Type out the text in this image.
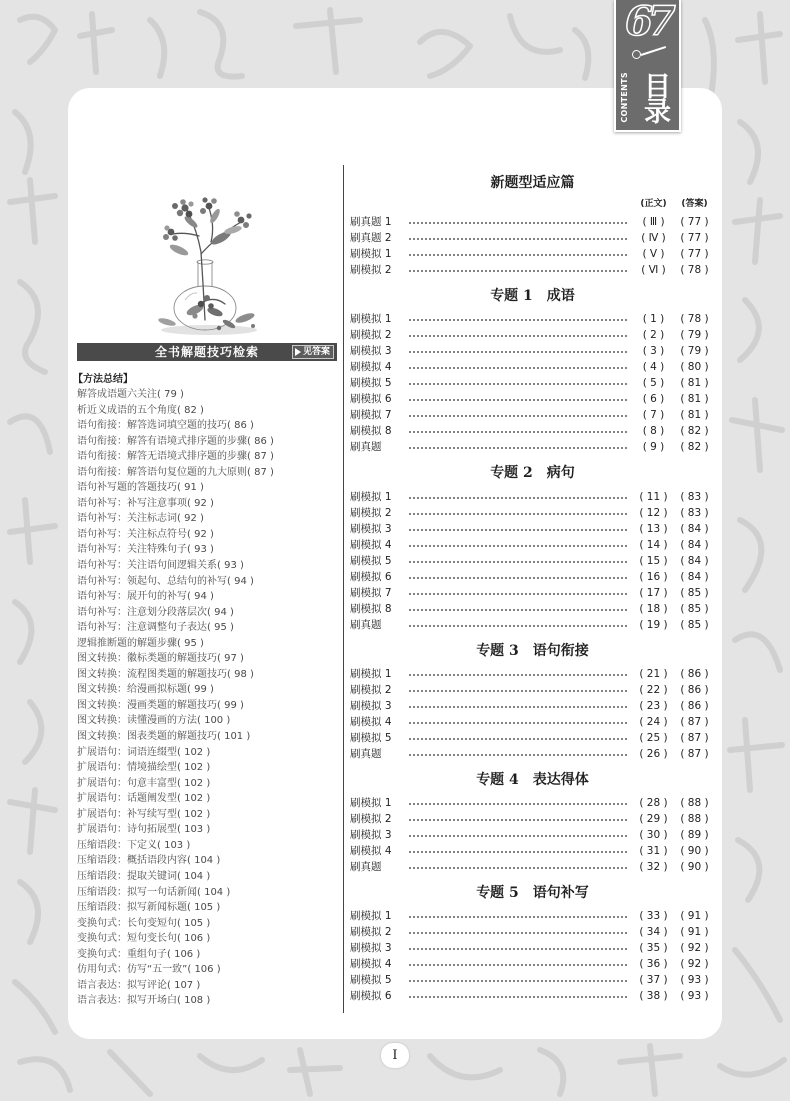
67
CONTENTS 目录
全书解题技巧检索	见答案
【方法总结】
解答成语题六关注( 79 )
析近义成语的五个角度( 82 )
语句衔接：解答选词填空题的技巧( 86 )
语句衔接：解答有语境式排序题的步骤( 86 )
语句衔接：解答无语境式排序题的步骤( 87 )
语句衔接：解答语句复位题的九大原则( 87 )
语句补写题的答题技巧( 91 )
语句补写：补写注意事项( 92 )
语句补写：关注标志词( 92 )
语句补写：关注标点符号( 92 )
语句补写：关注特殊句子( 93 )
语句补写：关注语句间逻辑关系( 93 )
语句补写：领起句、总结句的补写( 94 )
语句补写：展开句的补写( 94 )
语句补写：注意划分段落层次( 94 )
语句补写：注意调整句子表达( 95 )
逻辑推断题的解题步骤( 95 )
图文转换：徽标类题的解题技巧( 97 )
图文转换：流程图类题的解题技巧( 98 )
图文转换：给漫画拟标题( 99 )
图文转换：漫画类题的解题技巧( 99 )
图文转换：读懂漫画的方法( 100 )
图文转换：图表类题的解题技巧( 101 )
扩展语句：词语连缀型( 102 )
扩展语句：情境描绘型( 102 )
扩展语句：句意丰富型( 102 )
扩展语句：话题阐发型( 102 )
扩展语句：补写续写型( 102 )
扩展语句：诗句拓展型( 103 )
压缩语段：下定义( 103 )
压缩语段：概括语段内容( 104 )
压缩语段：提取关键词( 104 )
压缩语段：拟写一句话新闻( 104 )
压缩语段：拟写新闻标题( 105 )
变换句式：长句变短句( 105 )
变换句式：短句变长句( 106 )
变换句式：重组句子( 106 )
仿用句式：仿写“五一致”( 106 )
语言表达：拟写评论( 107 )
语言表达：拟写开场白( 108 )
新题型适应篇
(正文)	(答案)
刷真题 1	( Ⅲ )	( 77 )
刷真题 2	( Ⅳ )	( 77 )
刷模拟 1	( Ⅴ )	( 77 )
刷模拟 2	( Ⅵ )	( 78 )
专题 1　成语
刷模拟 1	( 1 )	( 78 )
刷模拟 2	( 2 )	( 79 )
刷模拟 3	( 3 )	( 79 )
刷模拟 4	( 4 )	( 80 )
刷模拟 5	( 5 )	( 81 )
刷模拟 6	( 6 )	( 81 )
刷模拟 7	( 7 )	( 81 )
刷模拟 8	( 8 )	( 82 )
刷真题	( 9 )	( 82 )
专题 2　病句
刷模拟 1	( 11 )	( 83 )
刷模拟 2	( 12 )	( 83 )
刷模拟 3	( 13 )	( 84 )
刷模拟 4	( 14 )	( 84 )
刷模拟 5	( 15 )	( 84 )
刷模拟 6	( 16 )	( 84 )
刷模拟 7	( 17 )	( 85 )
刷模拟 8	( 18 )	( 85 )
刷真题	( 19 )	( 85 )
专题 3　语句衔接
刷模拟 1	( 21 )	( 86 )
刷模拟 2	( 22 )	( 86 )
刷模拟 3	( 23 )	( 86 )
刷模拟 4	( 24 )	( 87 )
刷模拟 5	( 25 )	( 87 )
刷真题	( 26 )	( 87 )
专题 4　表达得体
刷模拟 1	( 28 )	( 88 )
刷模拟 2	( 29 )	( 88 )
刷模拟 3	( 30 )	( 89 )
刷模拟 4	( 31 )	( 90 )
刷真题	( 32 )	( 90 )
专题 5　语句补写
刷模拟 1	( 33 )	( 91 )
刷模拟 2	( 34 )	( 91 )
刷模拟 3	( 35 )	( 92 )
刷模拟 4	( 36 )	( 92 )
刷模拟 5	( 37 )	( 93 )
刷模拟 6	( 38 )	( 93 )
I
